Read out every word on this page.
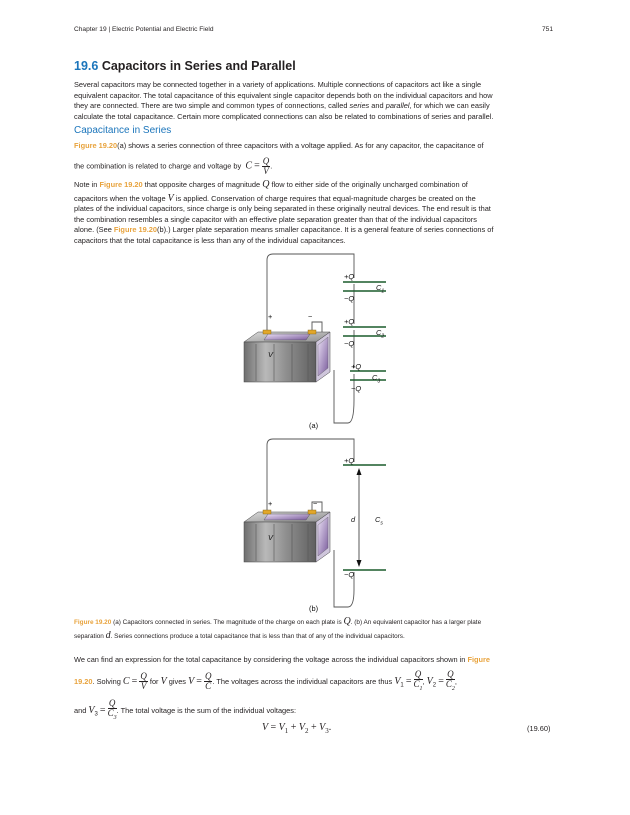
Chapter 19 | Electric Potential and Electric Field	751
19.6 Capacitors in Series and Parallel
Several capacitors may be connected together in a variety of applications. Multiple connections of capacitors act like a single
equivalent capacitor. The total capacitance of this equivalent single capacitor depends both on the individual capacitors and how
they are connected. There are two simple and common types of connections, called series and parallel, for which we can easily
calculate the total capacitance. Certain more complicated connections can also be related to combinations of series and parallel.
Capacitance in Series
Figure 19.20(a) shows a series connection of three capacitors with a voltage applied. As for any capacitor, the capacitance of
the combination is related to charge and voltage by $C = \frac{Q}{V}$ .
Note in Figure 19.20 that opposite charges of magnitude Q flow to either side of the originally uncharged combination of
capacitors when the voltage V is applied. Conservation of charge requires that equal-magnitude charges be created on the
plates of the individual capacitors, since charge is only being separated in these originally neutral devices. The end result is that
the combination resembles a single capacitor with an effective plate separation greater than that of the individual capacitors
alone. (See Figure 19.20(b).) Larger plate separation means smaller capacitance. It is a general feature of series connections of
capacitors that the total capacitance is less than any of the individual capacitances.
+	−
V
+Q
−Q
$C_1$
+Q
−Q
$C_2$
+Q
−Q
$C_3$
(a)
+	−
V
+Q
−Q
d	$C_s$
(b)
Figure 19.20 (a) Capacitors connected in series. The magnitude of the charge on each plate is Q. (b) An equivalent capacitor has a larger plate
separation d. Series connections produce a total capacitance that is less than that of any of the individual capacitors.
We can find an expression for the total capacitance by considering the voltage across the individual capacitors shown in Figure
19.20. Solving $C = \frac{Q}{V}$ for V gives $V = \frac{Q}{C}$ . The voltages across the individual capacitors are thus $V_1 = \frac{Q}{C_1}$ , $V_2 = \frac{Q}{C_2}$ ,
and $V_3 = \frac{Q}{C_3}$ . The total voltage is the sum of the individual voltages:
$V = V_1 + V_2 + V_3$.	(19.60)
